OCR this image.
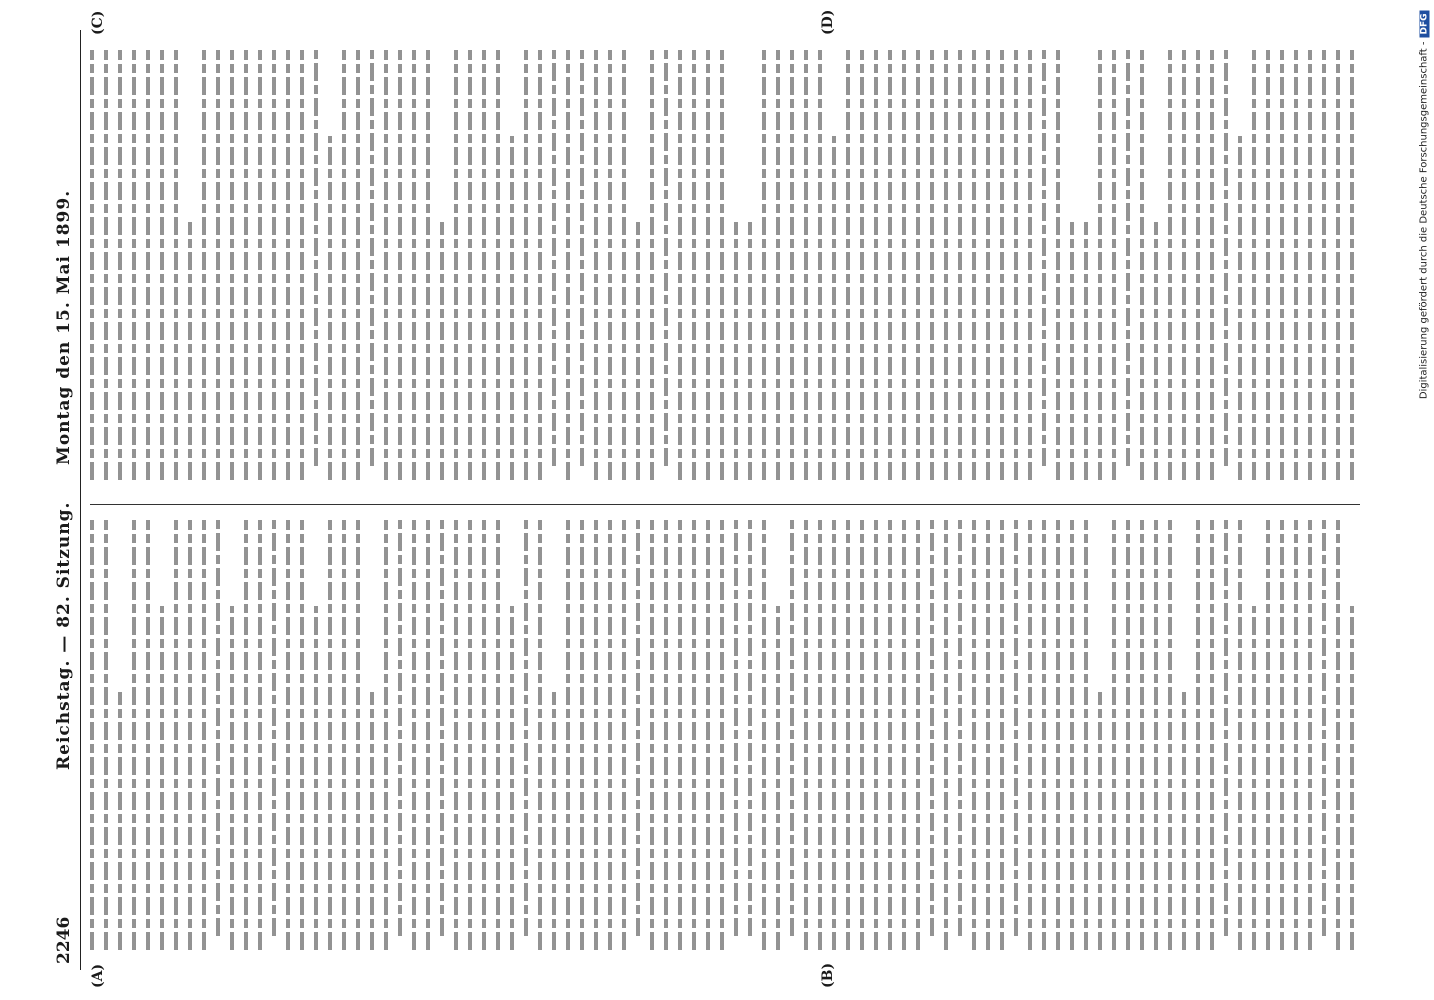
2246
Reichstag. — 82. Sitzung.
Montag den 15. Mai 1899.
(A)	(B)
(C)	(D)
Digitalisierung gefördert durch die Deutsche Forschungsgemeinschaft -DFG
